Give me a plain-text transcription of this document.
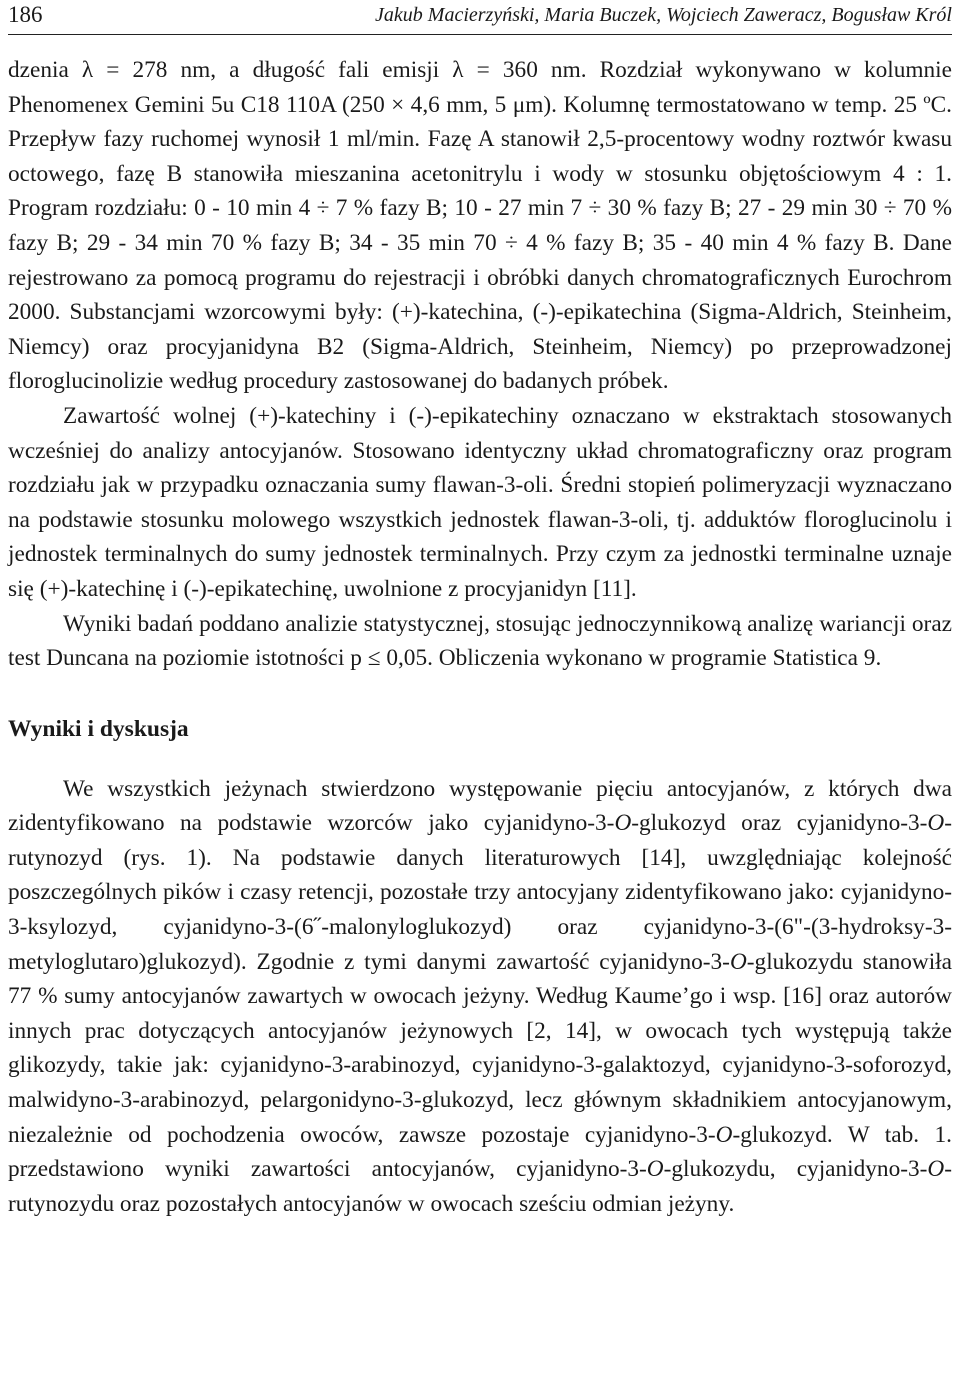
186	Jakub Macierzyński, Maria Buczek, Wojciech Zaweracz, Bogusław Król

dzenia λ = 278 nm, a długość fali emisji λ = 360 nm. Rozdział wykonywano w kolumnie Phenomenex Gemini 5u C18 110A (250 × 4,6 mm, 5 μm). Kolumnę termostatowano w temp. 25 ºC. Przepływ fazy ruchomej wynosił 1 ml/min. Fazę A stanowił 2,5-procentowy wodny roztwór kwasu octowego, fazę B stanowiła mieszanina acetonitrylu i wody w stosunku objętościowym 4 : 1. Program rozdziału: 0 - 10 min 4 ÷ 7 % fazy B; 10 - 27 min 7 ÷ 30 % fazy B; 27 - 29 min 30 ÷ 70 % fazy B; 29 - 34 min 70 % fazy B; 34 - 35 min 70 ÷ 4 % fazy B; 35 - 40 min 4 % fazy B. Dane rejestrowano za pomocą programu do rejestracji i obróbki danych chromatograficznych Eurochrom 2000. Substancjami wzorcowymi były: (+)-katechina, (-)-epikatechina (Sigma-Aldrich, Steinheim, Niemcy) oraz procyjanidyna B2 (Sigma-Aldrich, Steinheim, Niemcy) po przeprowadzonej floroglucinolizie według procedury zastosowanej do badanych próbek.

Zawartość wolnej (+)-katechiny i (-)-epikatechiny oznaczano w ekstraktach stosowanych wcześniej do analizy antocyjanów. Stosowano identyczny układ chromatograficzny oraz program rozdziału jak w przypadku oznaczania sumy flawan-3-oli. Średni stopień polimeryzacji wyznaczano na podstawie stosunku molowego wszystkich jednostek flawan-3-oli, tj. adduktów floroglucinolu i jednostek terminalnych do sumy jednostek terminalnych. Przy czym za jednostki terminalne uznaje się (+)-katechinę i (-)-epikatechinę, uwolnione z procyjanidyn [11].

Wyniki badań poddano analizie statystycznej, stosując jednoczynnikową analizę wariancji oraz test Duncana na poziomie istotności p ≤ 0,05. Obliczenia wykonano w programie Statistica 9.

Wyniki i dyskusja

We wszystkich jeżynach stwierdzono występowanie pięciu antocyjanów, z których dwa zidentyfikowano na podstawie wzorców jako cyjanidyno-3-O-glukozyd oraz cyjanidyno-3-O-rutynozyd (rys. 1). Na podstawie danych literaturowych [14], uwzględniając kolejność poszczególnych pików i czasy retencji, pozostałe trzy antocyjany zidentyfikowano jako: cyjanidyno-3-ksylozyd, cyjanidyno-3-(6˝-malonyloglukozyd) oraz cyjanidyno-3-(6"-(3-hydroksy-3-metyloglutaro)glukozyd). Zgodnie z tymi danymi zawartość cyjanidyno-3-O-glukozydu stanowiła 77 % sumy antocyjanów zawartych w owocach jeżyny. Według Kaume’go i wsp. [16] oraz autorów innych prac dotyczących antocyjanów jeżynowych [2, 14], w owocach tych występują także glikozydy, takie jak: cyjanidyno-3-arabinozyd, cyjanidyno-3-galaktozyd, cyjanidyno-3-soforozyd, malwidyno-3-arabinozyd, pelargonidyno-3-glukozyd, lecz głównym składnikiem antocyjanowym, niezależnie od pochodzenia owoców, zawsze pozostaje cyjanidyno-3-O-glukozyd. W tab. 1. przedstawiono wyniki zawartości antocyjanów, cyjanidyno-3-O-glukozydu, cyjanidyno-3-O-rutynozydu oraz pozostałych antocyjanów w owocach sześciu odmian jeżyny.
